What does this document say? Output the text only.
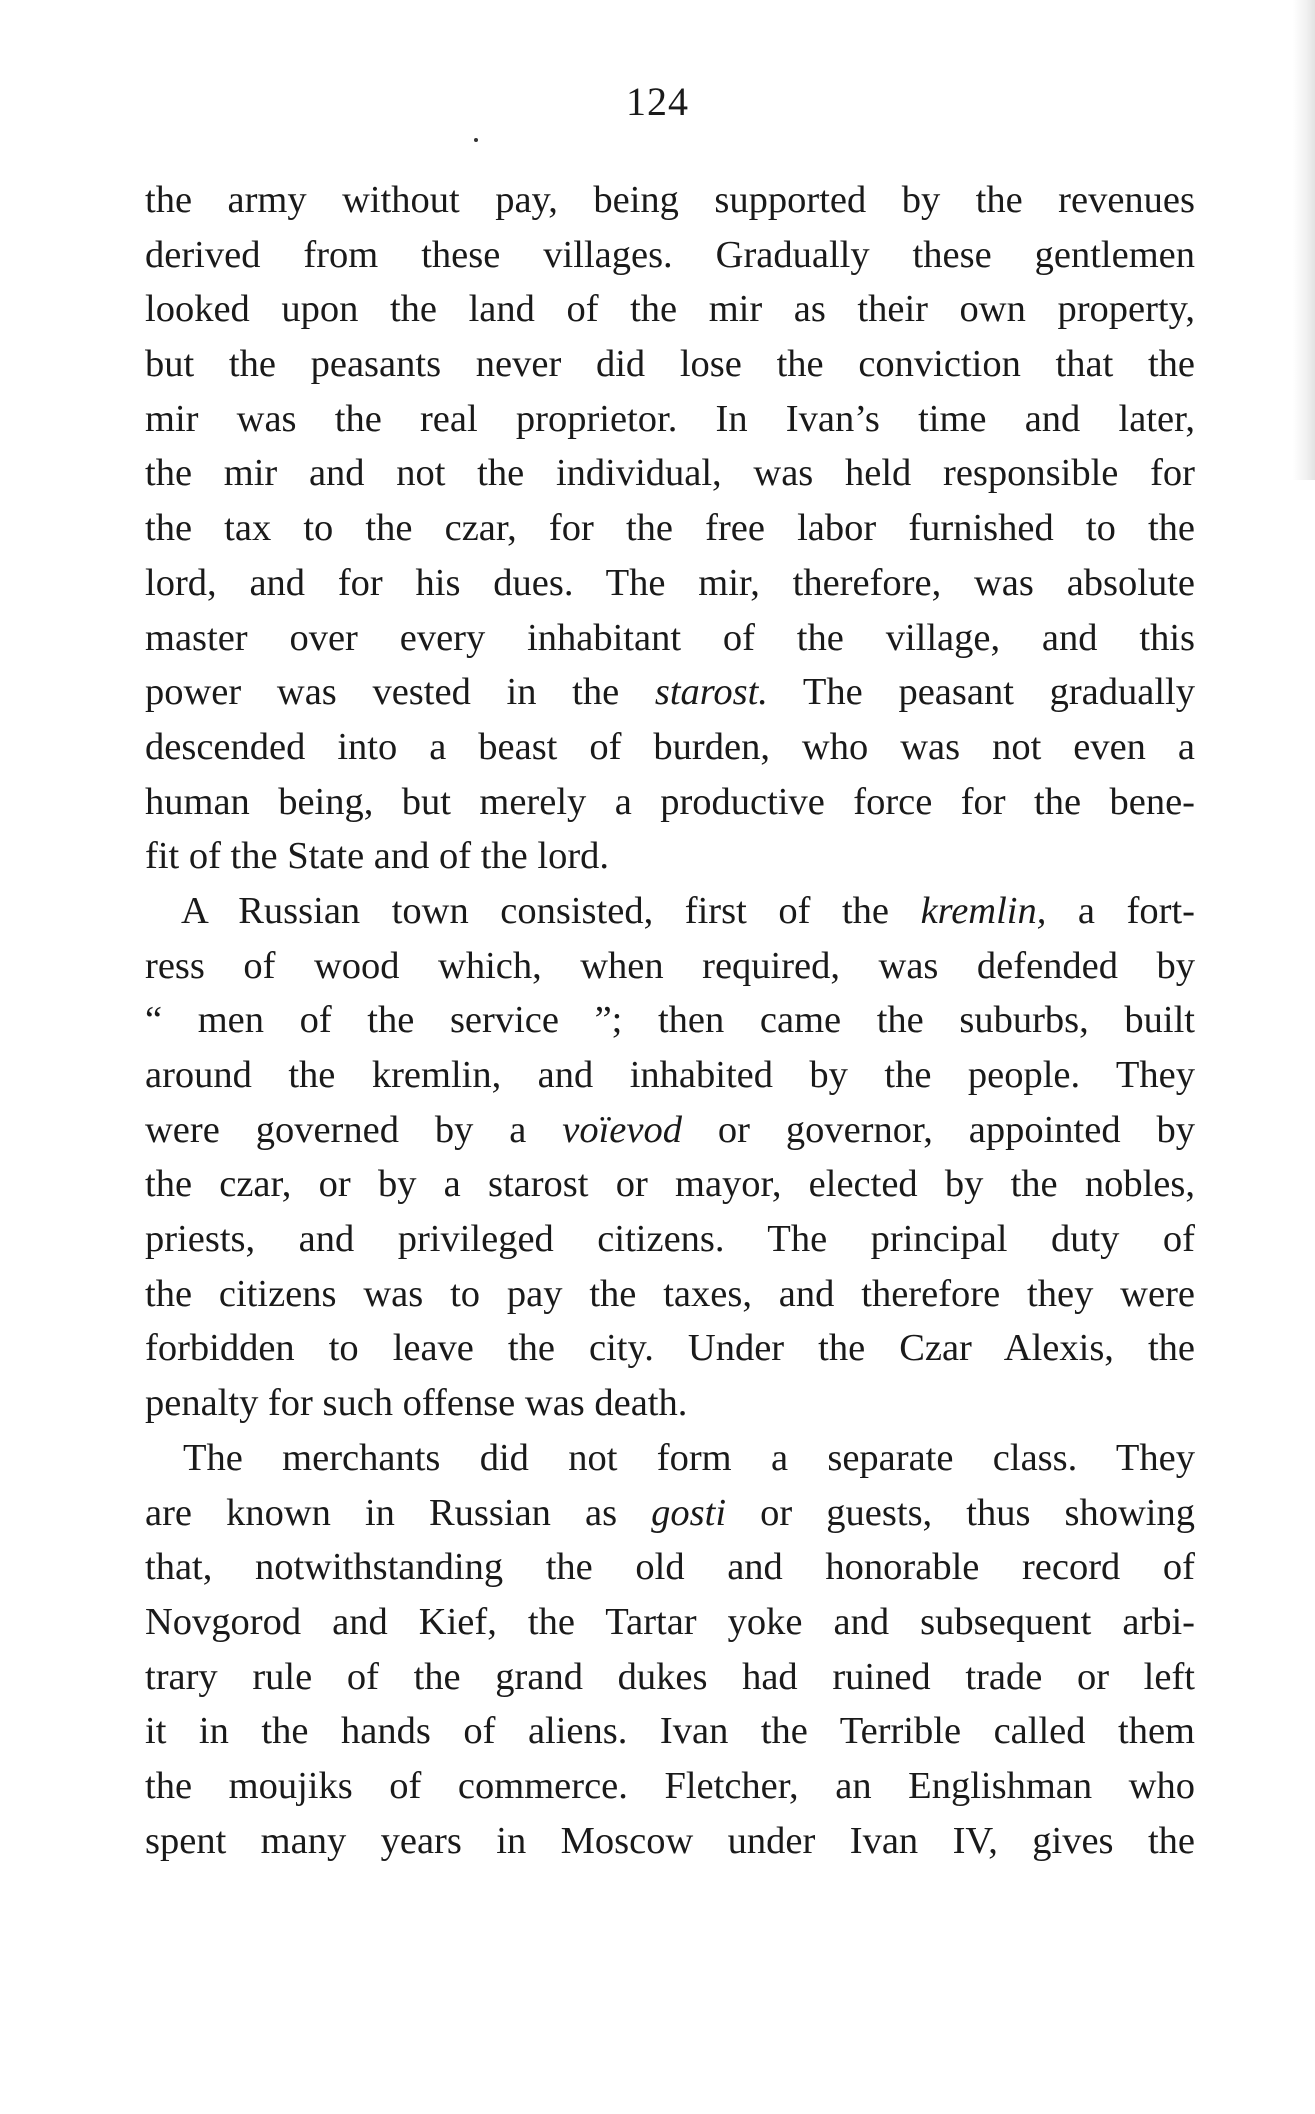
124
the army without pay, being supported by the revenues
derived from these villages. Gradually these gentlemen
looked upon the land of the mir as their own property,
but the peasants never did lose the conviction that the
mir was the real proprietor. In Ivan’s time and later,
the mir and not the individual, was held responsible for
the tax to the czar, for the free labor furnished to the
lord, and for his dues. The mir, therefore, was absolute
master over every inhabitant of the village, and this
power was vested in the starost. The peasant gradually
descended into a beast of burden, who was not even a
human being, but merely a productive force for the bene-
fit of the State and of the lord.
A Russian town consisted, first of the kremlin, a fort-
ress of wood which, when required, was defended by
“ men of the service ”; then came the suburbs, built
around the kremlin, and inhabited by the people. They
were governed by a voïevod or governor, appointed by
the czar, or by a starost or mayor, elected by the nobles,
priests, and privileged citizens. The principal duty of
the citizens was to pay the taxes, and therefore they were
forbidden to leave the city. Under the Czar Alexis, the
penalty for such offense was death.
The merchants did not form a separate class. They
are known in Russian as gosti or guests, thus showing
that, notwithstanding the old and honorable record of
Novgorod and Kief, the Tartar yoke and subsequent arbi-
trary rule of the grand dukes had ruined trade or left
it in the hands of aliens. Ivan the Terrible called them
the moujiks of commerce. Fletcher, an Englishman who
spent many years in Moscow under Ivan IV, gives the
